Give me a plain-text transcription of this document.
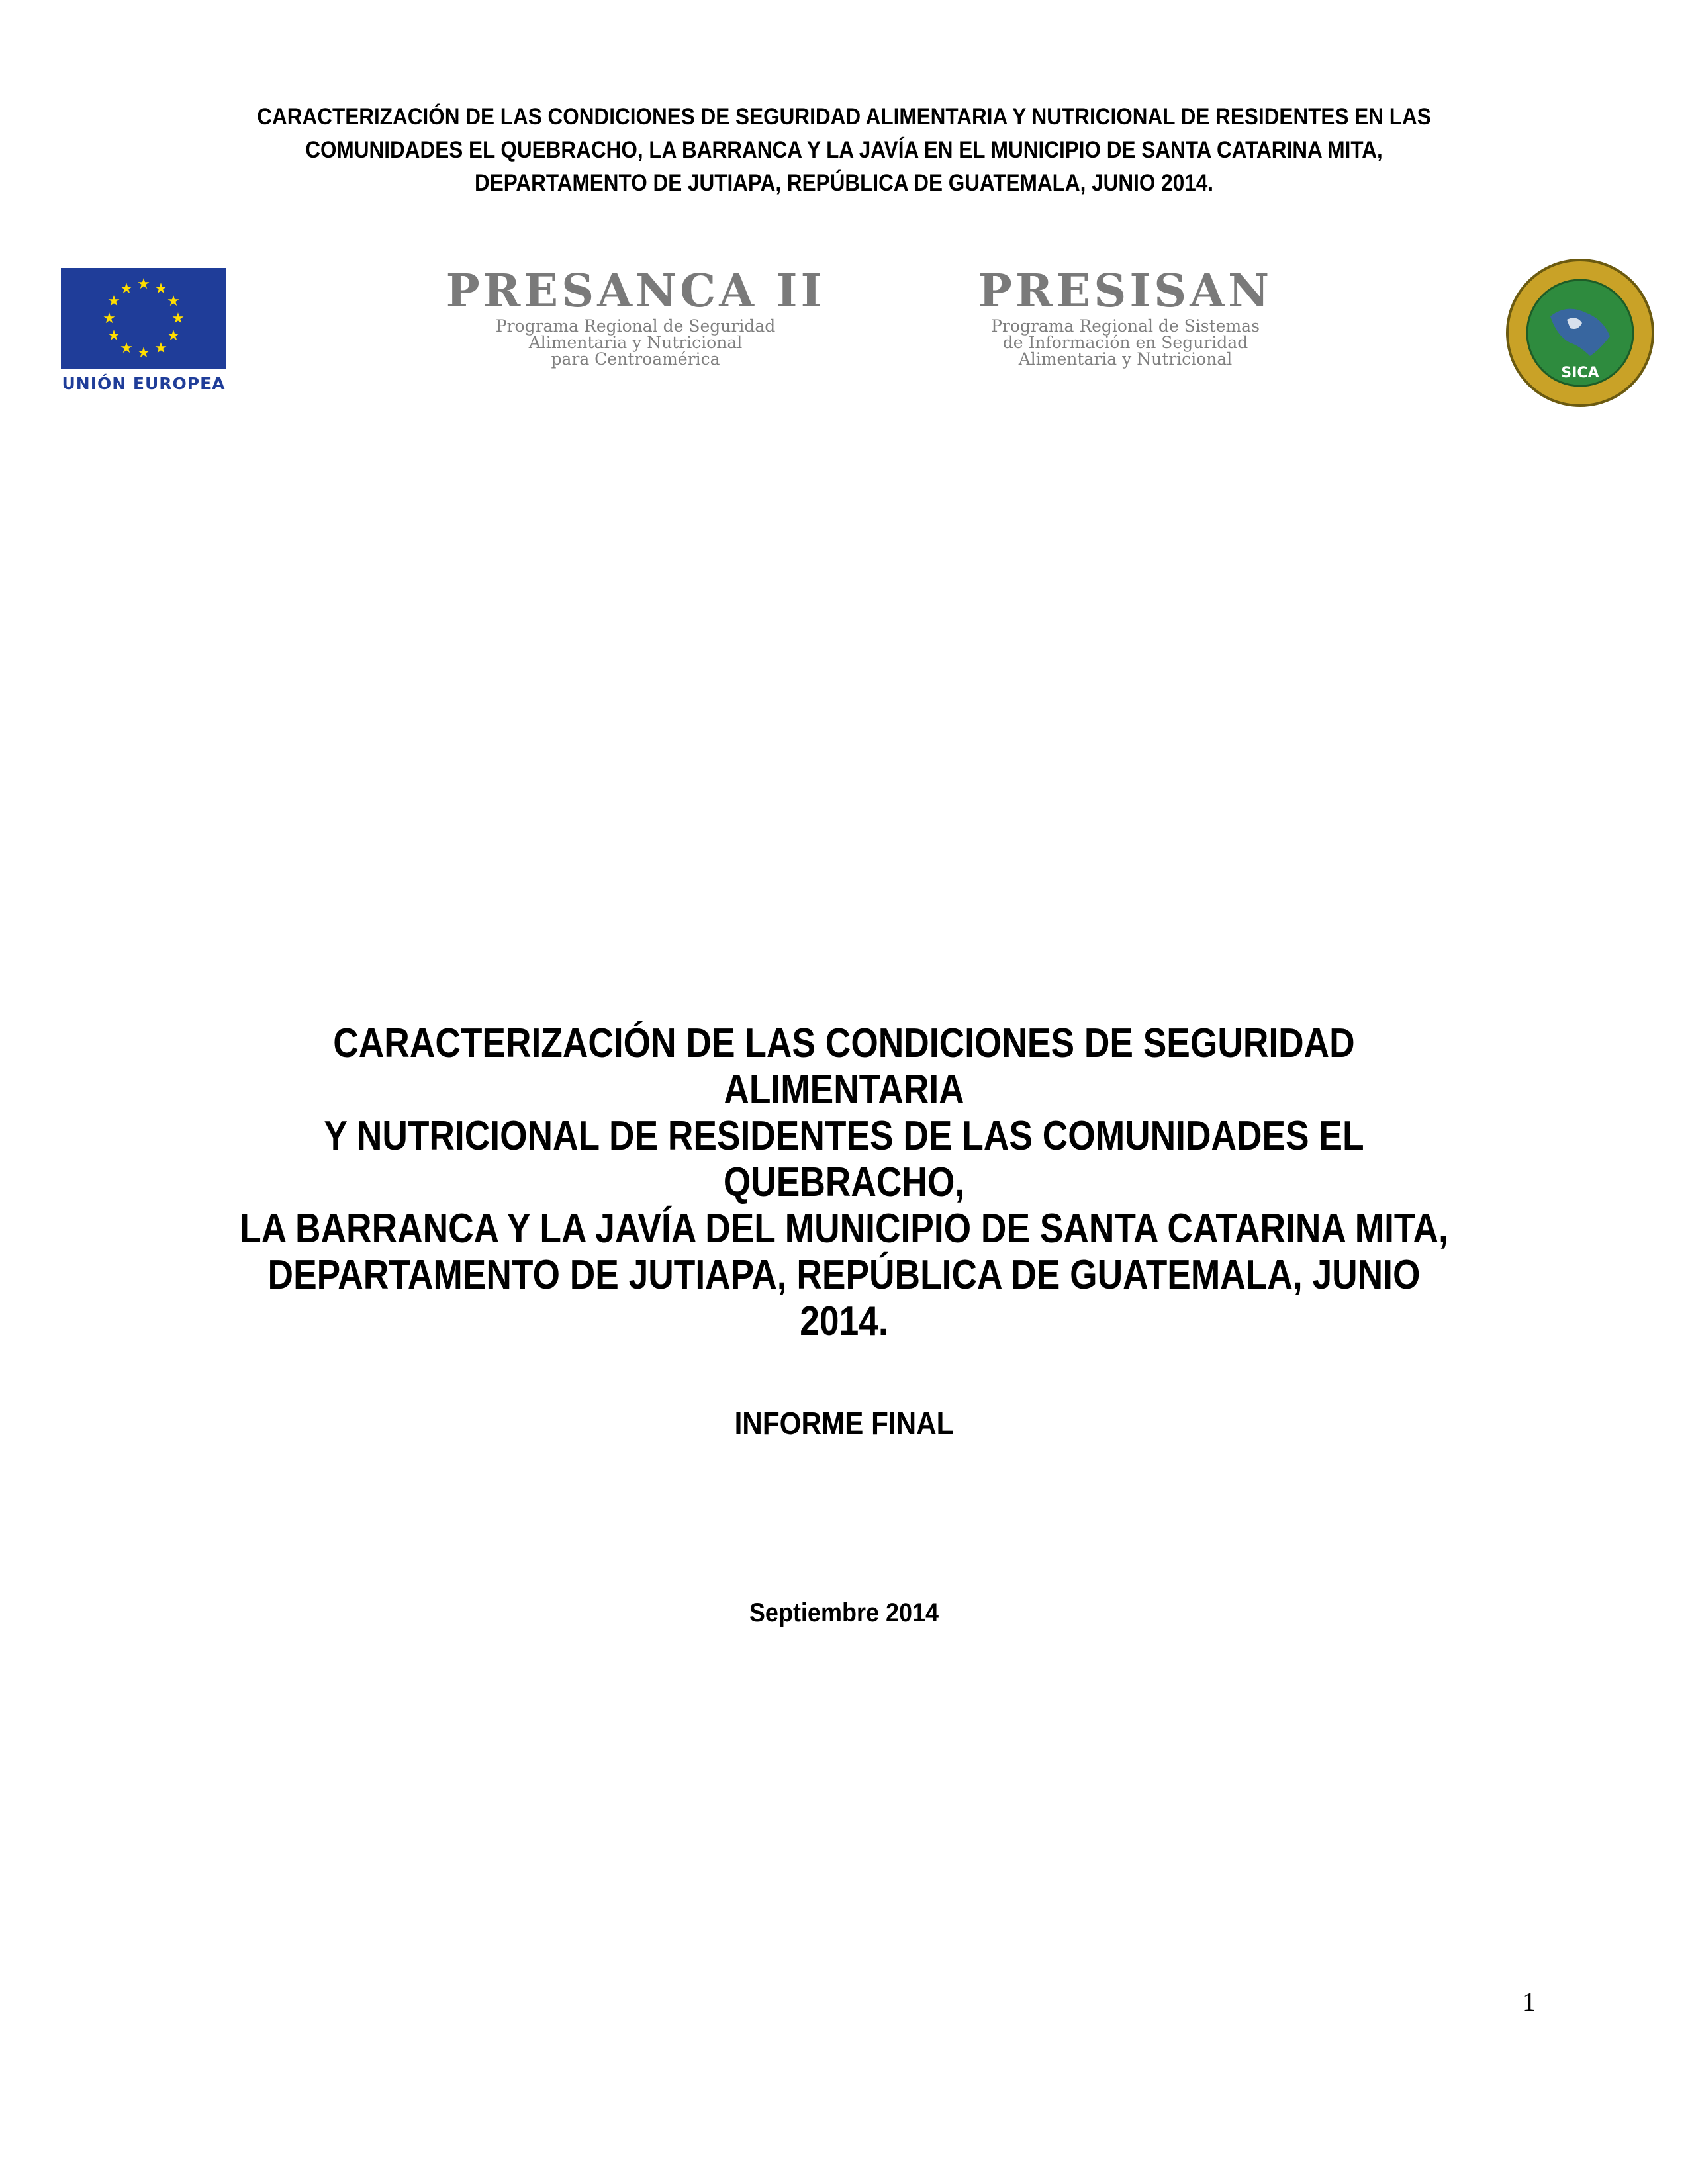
CARACTERIZACIÓN DE LAS CONDICIONES DE SEGURIDAD ALIMENTARIA Y NUTRICIONAL DE RESIDENTES EN LAS
COMUNIDADES EL QUEBRACHO, LA BARRANCA Y LA JAVÍA EN EL MUNICIPIO DE SANTA CATARINA MITA,
DEPARTAMENTO DE JUTIAPA, REPÚBLICA DE GUATEMALA, JUNIO 2014.
★ ★
★
★
★
★
★
★
★
★
★
★
UNIÓN EUROPEA
PRESANCA II
Programa Regional de Seguridad
Alimentaria y Nutricional
para Centroamérica
PRESISAN
Programa Regional de Sistemas
de Información en Seguridad
Alimentaria y Nutricional
SICA
CARACTERIZACIÓN DE LAS CONDICIONES DE SEGURIDAD ALIMENTARIA
Y NUTRICIONAL DE RESIDENTES DE LAS COMUNIDADES EL QUEBRACHO,
LA BARRANCA Y LA JAVÍA DEL MUNICIPIO DE SANTA CATARINA MITA,
DEPARTAMENTO DE JUTIAPA, REPÚBLICA DE GUATEMALA, JUNIO 2014.
INFORME FINAL
Septiembre 2014
1
